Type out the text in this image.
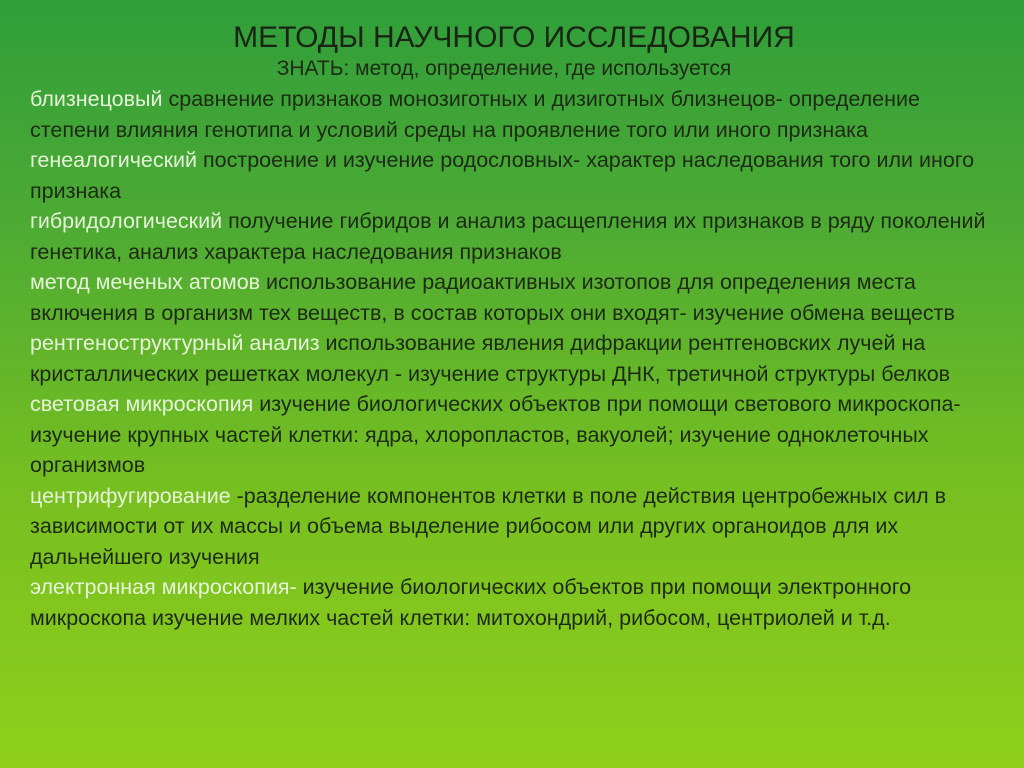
МЕТОДЫ НАУЧНОГО ИССЛЕДОВАНИЯ

ЗНАТЬ: метод, определение, где используется

близнецовый сравнение признаков монозиготных и дизиготных близнецов- определение степени влияния генотипа и условий среды на проявление того или иного признака

генеалогический построение и изучение родословных- характер наследования того или иного признака

гибридологический получение гибридов и анализ расщепления их признаков в ряду поколений генетика, анализ характера наследования признаков

метод меченых атомов использование радиоактивных изотопов для определения места включения в организм тех веществ, в состав которых они входят- изучение обмена веществ

рентгеноструктурный анализ использование явления дифракции рентгеновских лучей на кристаллических решетках молекул - изучение структуры ДНК, третичной структуры белков

световая микроскопия изучение биологических объектов при помощи светового микроскопа- изучение крупных частей клетки: ядра, хлоропластов, вакуолей; изучение одноклеточных организмов

центрифугирование -разделение компонентов клетки в поле действия центробежных сил в зависимости от их массы и объема выделение рибосом или других органоидов для их дальнейшего изучения

электронная микроскопия- изучение биологических объектов при помощи электронного микроскопа изучение мелких частей клетки: митохондрий, рибосом, центриолей и т.д.
